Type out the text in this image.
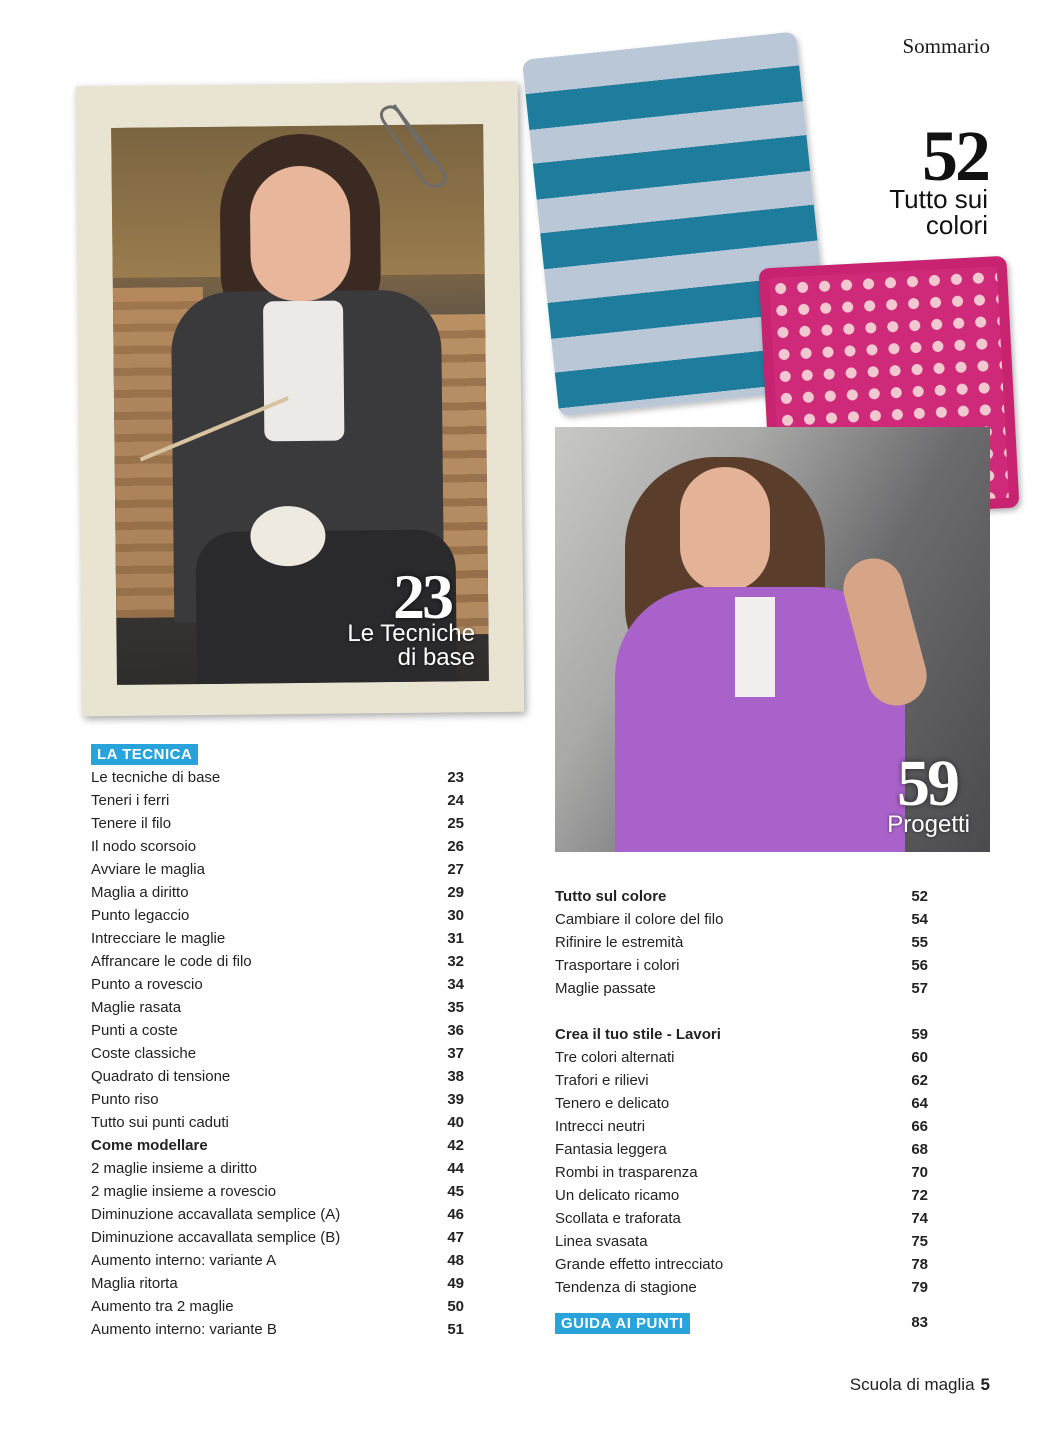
Sommario
23
Le Tecniche
di base
52
Tutto sui
colori
59
Progetti
LA TECNICA
Le tecniche di base	23
Teneri i ferri	24
Tenere il filo	25
Il nodo scorsoio	26
Avviare le maglia	27
Maglia a diritto	29
Punto legaccio	30
Intrecciare le maglie	31
Affrancare le code di filo	32
Punto a rovescio	34
Maglie rasata	35
Punti a coste	36
Coste classiche	37
Quadrato di tensione	38
Punto riso	39
Tutto sui punti caduti	40
Come modellare	42
2 maglie insieme a diritto	44
2 maglie insieme a rovescio	45
Diminuzione accavallata semplice (A)	46
Diminuzione accavallata semplice (B)	47
Aumento interno: variante A	48
Maglia ritorta	49
Aumento tra 2 maglie	50
Aumento interno: variante B	51
Tutto sul colore	52
Cambiare il colore del filo	54
Rifinire le estremità	55
Trasportare i colori	56
Maglie passate	57
Crea il tuo stile - Lavori	59
Tre colori alternati	60
Trafori e rilievi	62
Tenero e delicato	64
Intrecci neutri	66
Fantasia leggera	68
Rombi in trasparenza	70
Un delicato ricamo	72
Scollata e traforata	74
Linea svasata	75
Grande effetto intrecciato	78
Tendenza di stagione	79
GUIDA AI PUNTI	83
Scuola di maglia 5
